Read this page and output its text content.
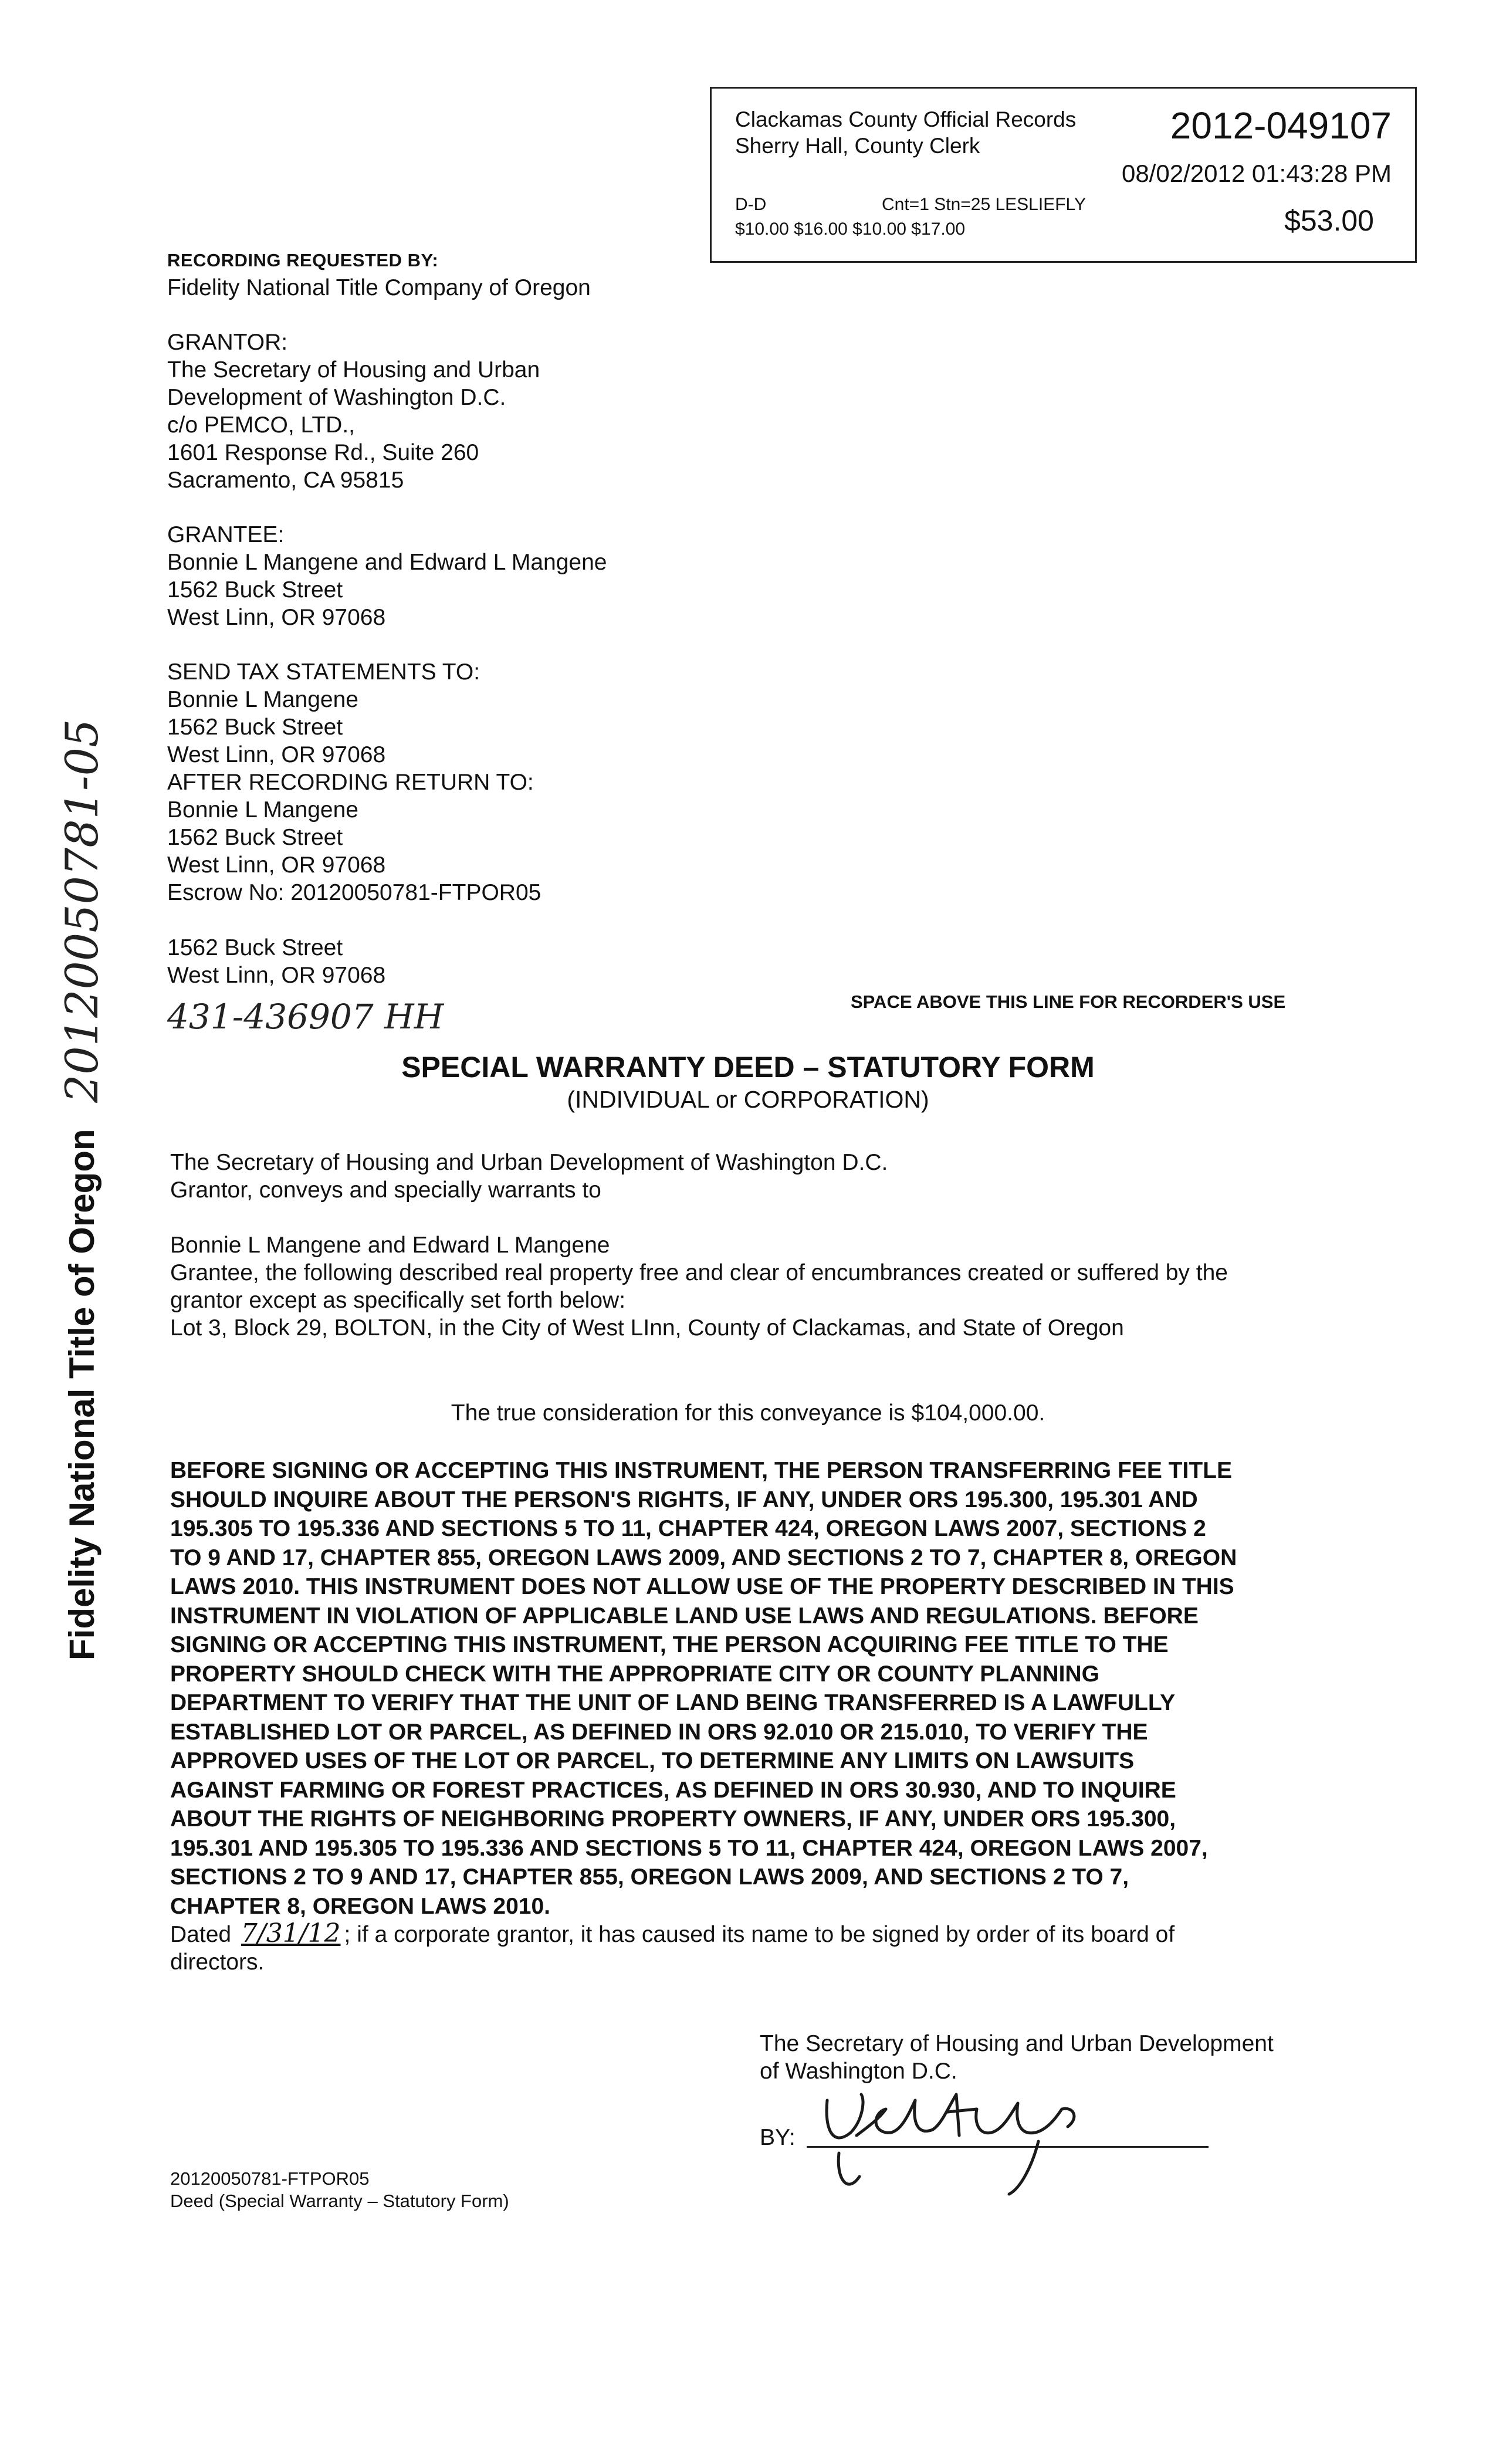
Clackamas County Official Records
Sherry Hall, County Clerk	2012-049107
08/02/2012 01:43:28 PM
D-D	Cnt=1 Stn=25 LESLIEFLY
$10.00 $16.00 $10.00 $17.00	$53.00
RECORDING REQUESTED BY:
Fidelity National Title Company of Oregon
GRANTOR:
The Secretary of Housing and Urban
Development of Washington D.C.
c/o PEMCO, LTD.,
1601 Response Rd., Suite 260
Sacramento, CA 95815
GRANTEE:
Bonnie L Mangene and Edward L Mangene
1562 Buck Street
West Linn, OR 97068
SEND TAX STATEMENTS TO:
Bonnie L Mangene
1562 Buck Street
West Linn, OR 97068
AFTER RECORDING RETURN TO:
Bonnie L Mangene
1562 Buck Street
West Linn, OR 97068
Escrow No: 20120050781-FTPOR05
1562 Buck Street
West Linn, OR 97068
431-436907 HH	SPACE ABOVE THIS LINE FOR RECORDER'S USE
Fidelity National Title of Oregon 20120050781-05	SPECIAL WARRANTY DEED – STATUTORY FORM
(INDIVIDUAL or CORPORATION)
The Secretary of Housing and Urban Development of Washington D.C.
Grantor, conveys and specially warrants to
Bonnie L Mangene and Edward L Mangene
Grantee, the following described real property free and clear of encumbrances created or suffered by the
grantor except as specifically set forth below:
Lot 3, Block 29, BOLTON, in the City of West LInn, County of Clackamas, and State of Oregon
The true consideration for this conveyance is $104,000.00.
BEFORE SIGNING OR ACCEPTING THIS INSTRUMENT, THE PERSON TRANSFERRING FEE TITLE
SHOULD INQUIRE ABOUT THE PERSON'S RIGHTS, IF ANY, UNDER ORS 195.300, 195.301 AND
195.305 TO 195.336 AND SECTIONS 5 TO 11, CHAPTER 424, OREGON LAWS 2007, SECTIONS 2
TO 9 AND 17, CHAPTER 855, OREGON LAWS 2009, AND SECTIONS 2 TO 7, CHAPTER 8, OREGON
LAWS 2010. THIS INSTRUMENT DOES NOT ALLOW USE OF THE PROPERTY DESCRIBED IN THIS
INSTRUMENT IN VIOLATION OF APPLICABLE LAND USE LAWS AND REGULATIONS. BEFORE
SIGNING OR ACCEPTING THIS INSTRUMENT, THE PERSON ACQUIRING FEE TITLE TO THE
PROPERTY SHOULD CHECK WITH THE APPROPRIATE CITY OR COUNTY PLANNING
DEPARTMENT TO VERIFY THAT THE UNIT OF LAND BEING TRANSFERRED IS A LAWFULLY
ESTABLISHED LOT OR PARCEL, AS DEFINED IN ORS 92.010 OR 215.010, TO VERIFY THE
APPROVED USES OF THE LOT OR PARCEL, TO DETERMINE ANY LIMITS ON LAWSUITS
AGAINST FARMING OR FOREST PRACTICES, AS DEFINED IN ORS 30.930, AND TO INQUIRE
ABOUT THE RIGHTS OF NEIGHBORING PROPERTY OWNERS, IF ANY, UNDER ORS 195.300,
195.301 AND 195.305 TO 195.336 AND SECTIONS 5 TO 11, CHAPTER 424, OREGON LAWS 2007,
SECTIONS 2 TO 9 AND 17, CHAPTER 855, OREGON LAWS 2009, AND SECTIONS 2 TO 7,
CHAPTER 8, OREGON LAWS 2010.
Dated 7/31/12 ; if a corporate grantor, it has caused its name to be signed by order of its board of
directors.
The Secretary of Housing and Urban Development
of Washington D.C.
BY:
20120050781-FTPOR05
Deed (Special Warranty – Statutory Form)
